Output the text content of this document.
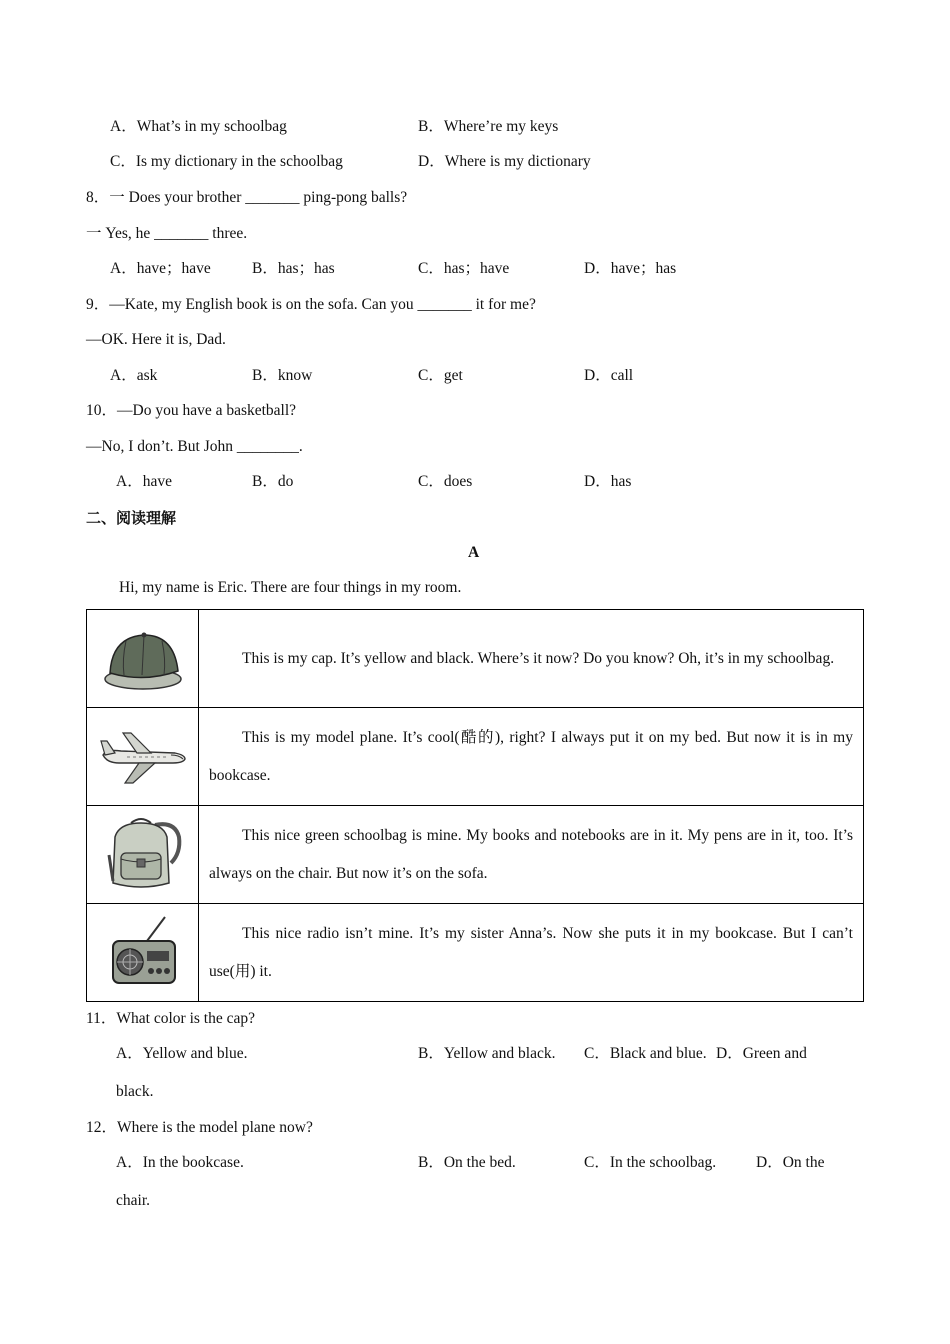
A．What’s in my schoolbag	B．Where’re my keys
C．Is my dictionary in the schoolbag	D．Where is my dictionary
8．一 Does your brother _______ ping-pong balls?
一 Yes, he _______ three.
A．have；have	B．has；has	C．has；have	D．have；has
9．—Kate, my English book is on the sofa. Can you _______ it for me?
—OK. Here it is, Dad.
A．ask	B．know	C．get	D．call
10．—Do you have a basketball?
—No, I don’t. But John ________.
A．have	B．do	C．does	D．has
二、阅读理解
A
Hi, my name is Eric. There are four things in my room.

This is my cap. It’s yellow and black. Where’s it now? Do you know? Oh, it’s in my schoolbag.

This is my model plane. It’s cool(酷的), right? I always put it on my bed. But now it is in my bookcase.

This nice green schoolbag is mine. My books and notebooks are in it. My pens are in it, too. It’s always on the chair. But now it’s on the sofa.

This nice radio isn’t mine. It’s my sister Anna’s. Now she puts it in my bookcase. But I can’t use(用) it.
11．What color is the cap?
A．Yellow and blue.	B．Yellow and black. C．Black and blue. D．Green and
black.
12．Where is the model plane now?
A．In the bookcase.	B．On the bed.	C．In the schoolbag.	D．On the
chair.
